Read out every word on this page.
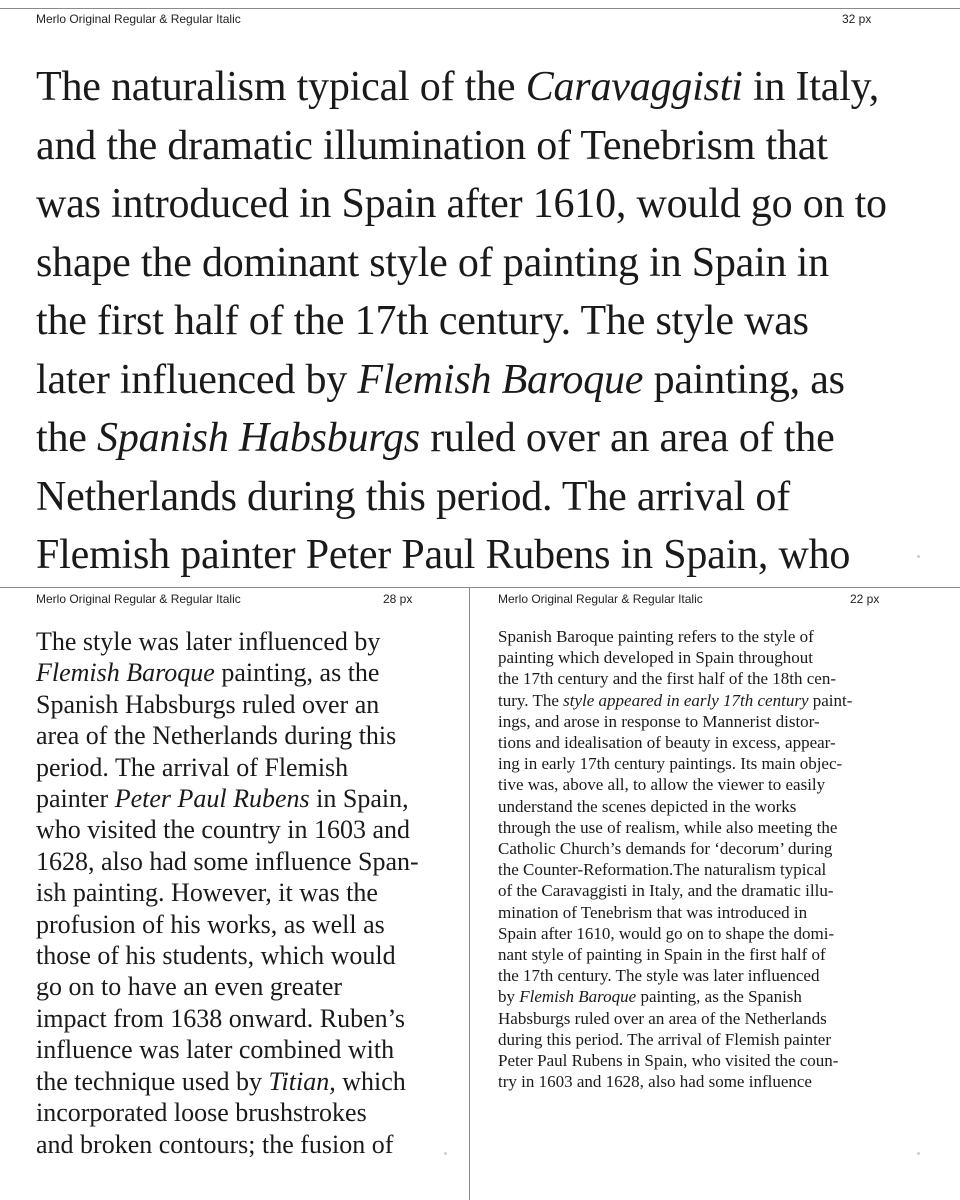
Merlo Original Regular & Regular Italic	32 px
The naturalism typical of the Caravaggisti in Italy,
and the dramatic illumination of Tenebrism that
was introduced in Spain after 1610, would go on to
shape the dominant style of painting in Spain in
the first half of the 17th century. The style was
later influenced by Flemish Baroque painting, as
the Spanish Habsburgs ruled over an area of the
Netherlands during this period. The arrival of
Flemish painter Peter Paul Rubens in Spain, who
Merlo Original Regular & Regular Italic	28 px
The style was later influenced by
Flemish Baroque painting, as the
Spanish Habsburgs ruled over an
area of the Netherlands during this
period. The arrival of Flemish
painter Peter Paul Rubens in Spain,
who visited the country in 1603 and
1628, also had some influence Span-
ish painting. However, it was the
profusion of his works, as well as
those of his students, which would
go on to have an even greater
impact from 1638 onward. Ruben’s
influence was later combined with
the technique used by Titian, which
incorporated loose brushstrokes
and broken contours; the fusion of
Merlo Original Regular & Regular Italic	22 px
Spanish Baroque painting refers to the style of
painting which developed in Spain throughout
the 17th century and the first half of the 18th cen-
tury. The style appeared in early 17th century paint-
ings, and arose in response to Mannerist distor-
tions and idealisation of beauty in excess, appear-
ing in early 17th century paintings. Its main objec-
tive was, above all, to allow the viewer to easily
understand the scenes depicted in the works
through the use of realism, while also meeting the
Catholic Church’s demands for ‘decorum’ during
the Counter-Reformation.The naturalism typical
of the Caravaggisti in Italy, and the dramatic illu-
mination of Tenebrism that was introduced in
Spain after 1610, would go on to shape the domi-
nant style of painting in Spain in the first half of
the 17th century. The style was later influenced
by Flemish Baroque painting, as the Spanish
Habsburgs ruled over an area of the Netherlands
during this period. The arrival of Flemish painter
Peter Paul Rubens in Spain, who visited the coun-
try in 1603 and 1628, also had some influence
